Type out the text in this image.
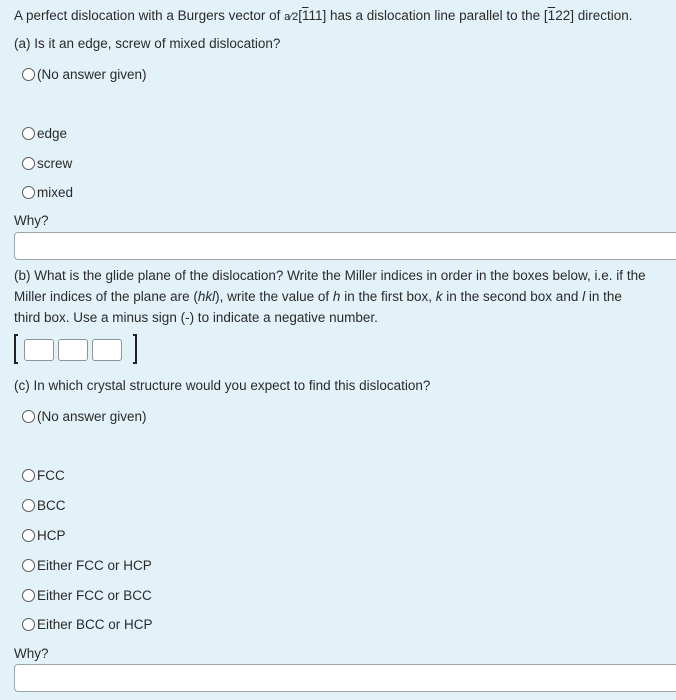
A perfect dislocation with a Burgers vector of a⁄2[111] has a dislocation line parallel to the [122] direction.
(a) Is it an edge, screw of mixed dislocation?
(No answer given)
edge
screw
mixed
Why?
(b) What is the glide plane of the dislocation? Write the Miller indices in order in the boxes below, i.e. if the
Miller indices of the plane are (hkl), write the value of h in the first box, k in the second box and l in the
third box. Use a minus sign (-) to indicate a negative number.
(c) In which crystal structure would you expect to find this dislocation?
(No answer given)
FCC
BCC
HCP
Either FCC or HCP
Either FCC or BCC
Either BCC or HCP
Why?
